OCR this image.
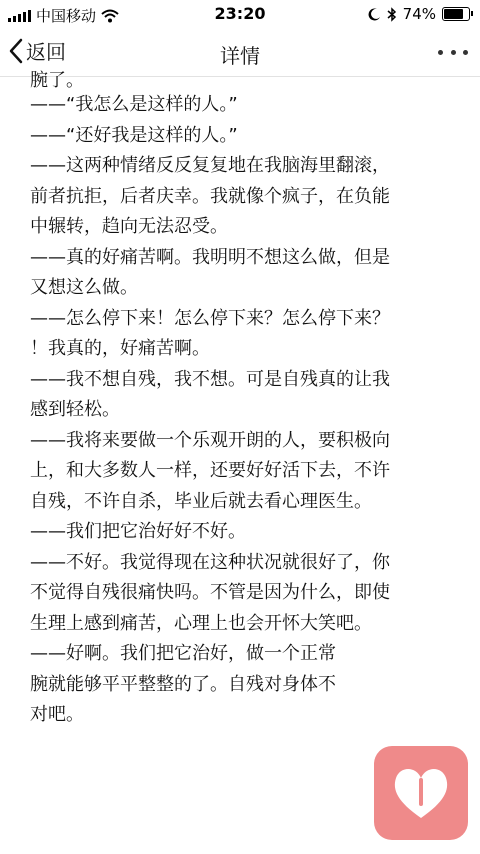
中国移动	23:20	74%
返回	详情

腕了。

——“我怎么是这样的人。”

——“还好我是这样的人。”

——这两种情绪反反复复地在我脑海里翻滚，

前者抗拒，后者庆幸。我就像个疯子，在负能

中辗转，趋向无法忍受。

——真的好痛苦啊。我明明不想这么做，但是

又想这么做。

——怎么停下来！怎么停下来？怎么停下来？

！我真的，好痛苦啊。

——我不想自残，我不想。可是自残真的让我

感到轻松。

——我将来要做一个乐观开朗的人，要积极向

上，和大多数人一样，还要好好活下去，不许

自残，不许自杀，毕业后就去看心理医生。

——我们把它治好好不好。

——不好。我觉得现在这种状况就很好了，你

不觉得自残很痛快吗。不管是因为什么，即使

生理上感到痛苦，心理上也会开怀大笑吧。

——好啊。我们把它治好，做一个正常

腕就能够平平整整的了。自残对身体不

对吧。
